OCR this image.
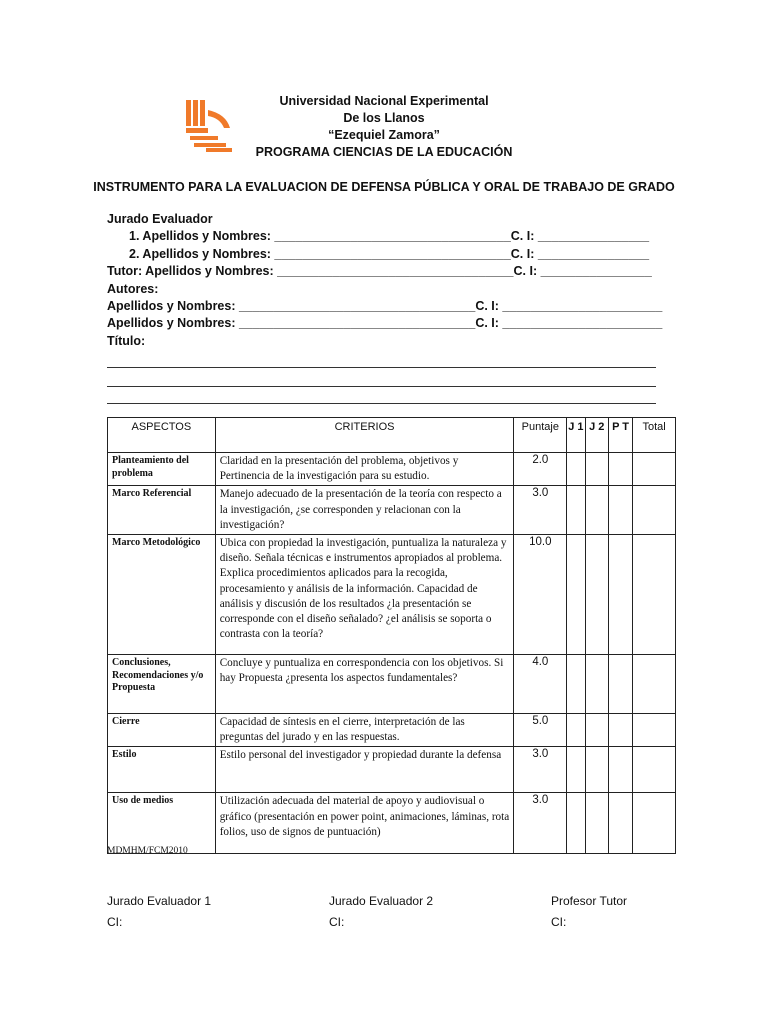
Universidad Nacional Experimental
De los Llanos
“Ezequiel Zamora”
PROGRAMA CIENCIAS DE LA EDUCACIÓN
INSTRUMENTO PARA LA EVALUACION DE DEFENSA PÚBLICA Y ORAL DE TRABAJO DE GRADO
Jurado Evaluador
1. Apellidos y Nombres: __________________________________C. I: ________________
2. Apellidos y Nombres: __________________________________C. I: ________________
Tutor: Apellidos y Nombres: __________________________________C. I: ________________
Autores:
Apellidos y Nombres: __________________________________C. I: _______________________
Apellidos y Nombres: __________________________________C. I: _______________________
Título:
ASPECTOS	CRITERIOS	Puntaje	J 1	J 2	P T	Total
Planteamiento del problema	Claridad en la presentación del problema, objetivos y Pertinencia de la investigación para su estudio.	2.0				
Marco Referencial	Manejo adecuado de la presentación de la teoría con respecto a la investigación, ¿se corresponden y relacionan con la investigación?	3.0				
Marco Metodológico	Ubica con propiedad la investigación, puntualiza la naturaleza y diseño. Señala técnicas e instrumentos apropiados al problema. Explica procedimientos aplicados para la recogida, procesamiento y análisis de la información. Capacidad de análisis y discusión de los resultados ¿la presentación se corresponde con el diseño señalado? ¿el análisis se soporta o contrasta con la teoría?	10.0				
Conclusiones, Recomendaciones y/o Propuesta	Concluye y puntualiza en correspondencia con los objetivos. Si hay Propuesta ¿presenta los aspectos fundamentales?	4.0				
Cierre	Capacidad de síntesis en el cierre, interpretación de las preguntas del jurado y en las respuestas.	5.0				
Estilo	Estilo personal del investigador y propiedad durante la defensa	3.0				
Uso de medios	Utilización adecuada del material de apoyo y audiovisual o gráfico (presentación en power point, animaciones, láminas, rota folios, uso de signos de puntuación)	3.0				
MDMHM/FCM2010
Jurado Evaluador 1
CI:
Jurado Evaluador 2
CI:
Profesor Tutor
CI:
